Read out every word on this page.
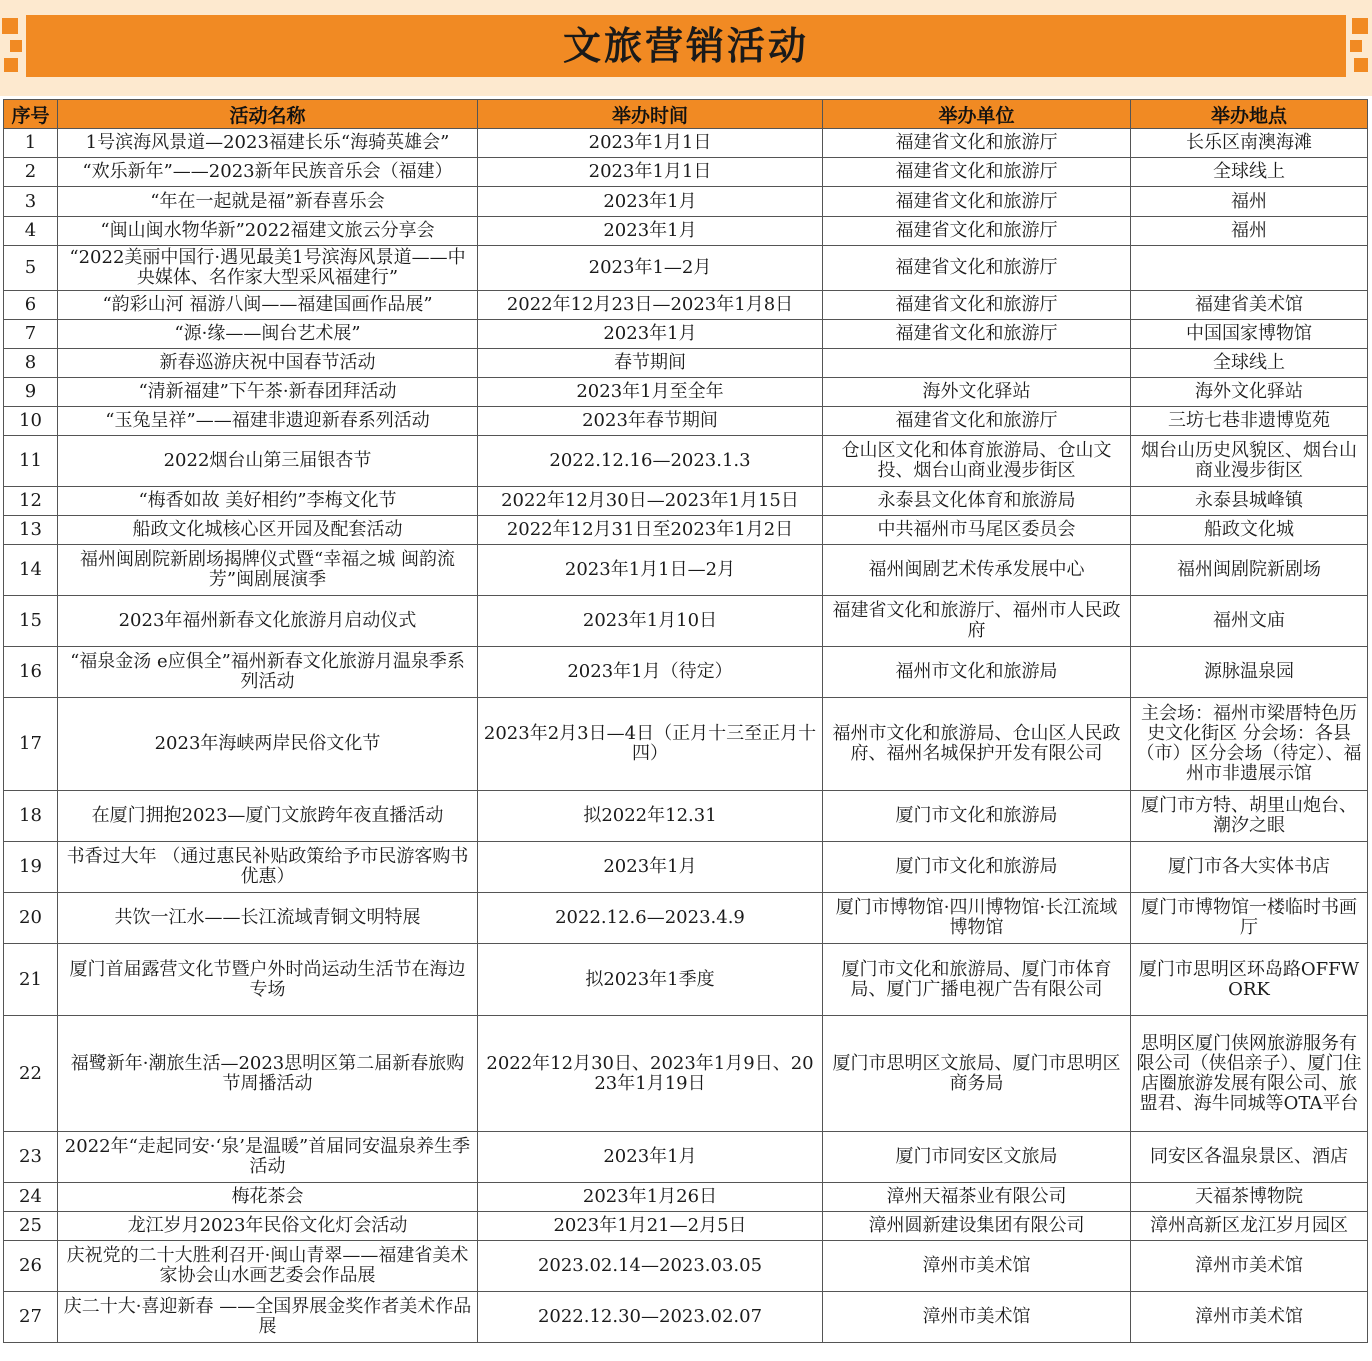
文旅营销活动
序号	活动名称	举办时间	举办单位	举办地点
1	1号滨海风景道—2023福建长乐“海骑英雄会”	2023年1月1日	福建省文化和旅游厅	长乐区南澳海滩
2	“欢乐新年”——2023新年民族音乐会（福建）	2023年1月1日	福建省文化和旅游厅	全球线上
3	“年在一起就是福”新春喜乐会	2023年1月	福建省文化和旅游厅	福州
4	“闽山闽水物华新”2022福建文旅云分享会	2023年1月	福建省文化和旅游厅	福州
5	“2022美丽中国行·遇见最美1号滨海风景道——中央媒体、名作家大型采风福建行”	2023年1—2月	福建省文化和旅游厅	
6	“韵彩山河 福游八闽——福建国画作品展”	2022年12月23日—2023年1月8日	福建省文化和旅游厅	福建省美术馆
7	“源·缘——闽台艺术展”	2023年1月	福建省文化和旅游厅	中国国家博物馆
8	新春巡游庆祝中国春节活动	春节期间		全球线上
9	“清新福建”下午茶·新春团拜活动	2023年1月至全年	海外文化驿站	海外文化驿站
10	“玉兔呈祥”——福建非遗迎新春系列活动	2023年春节期间	福建省文化和旅游厅	三坊七巷非遗博览苑
11	2022烟台山第三届银杏节	2022.12.16—2023.1.3	仓山区文化和体育旅游局、仓山文投、烟台山商业漫步街区	烟台山历史风貌区、烟台山商业漫步街区
12	“梅香如故 美好相约”李梅文化节	2022年12月30日—2023年1月15日	永泰县文化体育和旅游局	永泰县城峰镇
13	船政文化城核心区开园及配套活动	2022年12月31日至2023年1月2日	中共福州市马尾区委员会	船政文化城
14	福州闽剧院新剧场揭牌仪式暨“幸福之城 闽韵流芳”闽剧展演季	2023年1月1日—2月	福州闽剧艺术传承发展中心	福州闽剧院新剧场
15	2023年福州新春文化旅游月启动仪式	2023年1月10日	福建省文化和旅游厅、福州市人民政府	福州文庙
16	“福泉金汤 e应俱全”福州新春文化旅游月温泉季系列活动	2023年1月（待定）	福州市文化和旅游局	源脉温泉园
17	2023年海峡两岸民俗文化节	2023年2月3日—4日（正月十三至正月十四）	福州市文化和旅游局、仓山区人民政府、福州名城保护开发有限公司	主会场：福州市梁厝特色历史文化街区 分会场：各县（市）区分会场（待定）、福州市非遗展示馆
18	在厦门拥抱2023—厦门文旅跨年夜直播活动	拟2022年12.31	厦门市文化和旅游局	厦门市方特、胡里山炮台、潮汐之眼
19	书香过大年 （通过惠民补贴政策给予市民游客购书优惠）	2023年1月	厦门市文化和旅游局	厦门市各大实体书店
20	共饮一江水——长江流域青铜文明特展	2022.12.6—2023.4.9	厦门市博物馆·四川博物馆·长江流域博物馆	厦门市博物馆一楼临时书画厅
21	厦门首届露营文化节暨户外时尚运动生活节在海边专场	拟2023年1季度	厦门市文化和旅游局、厦门市体育局、厦门广播电视广告有限公司	厦门市思明区环岛路OFFWORK
22	福鹭新年·潮旅生活—2023思明区第二届新春旅购节周播活动	2022年12月30日、2023年1月9日、2023年1月19日	厦门市思明区文旅局、厦门市思明区商务局	思明区厦门侠网旅游服务有限公司（侠侣亲子）、厦门住店圈旅游发展有限公司、旅盟君、海牛同城等OTA平台
23	2022年“走起同安·‘泉’是温暖”首届同安温泉养生季活动	2023年1月	厦门市同安区文旅局	同安区各温泉景区、酒店
24	梅花茶会	2023年1月26日	漳州天福茶业有限公司	天福茶博物院
25	龙江岁月2023年民俗文化灯会活动	2023年1月21—2月5日	漳州圆新建设集团有限公司	漳州高新区龙江岁月园区
26	庆祝党的二十大胜利召开·闽山青翠——福建省美术家协会山水画艺委会作品展	2023.02.14—2023.03.05	漳州市美术馆	漳州市美术馆
27	庆二十大·喜迎新春 ——全国界展金奖作者美术作品展	2022.12.30—2023.02.07	漳州市美术馆	漳州市美术馆
